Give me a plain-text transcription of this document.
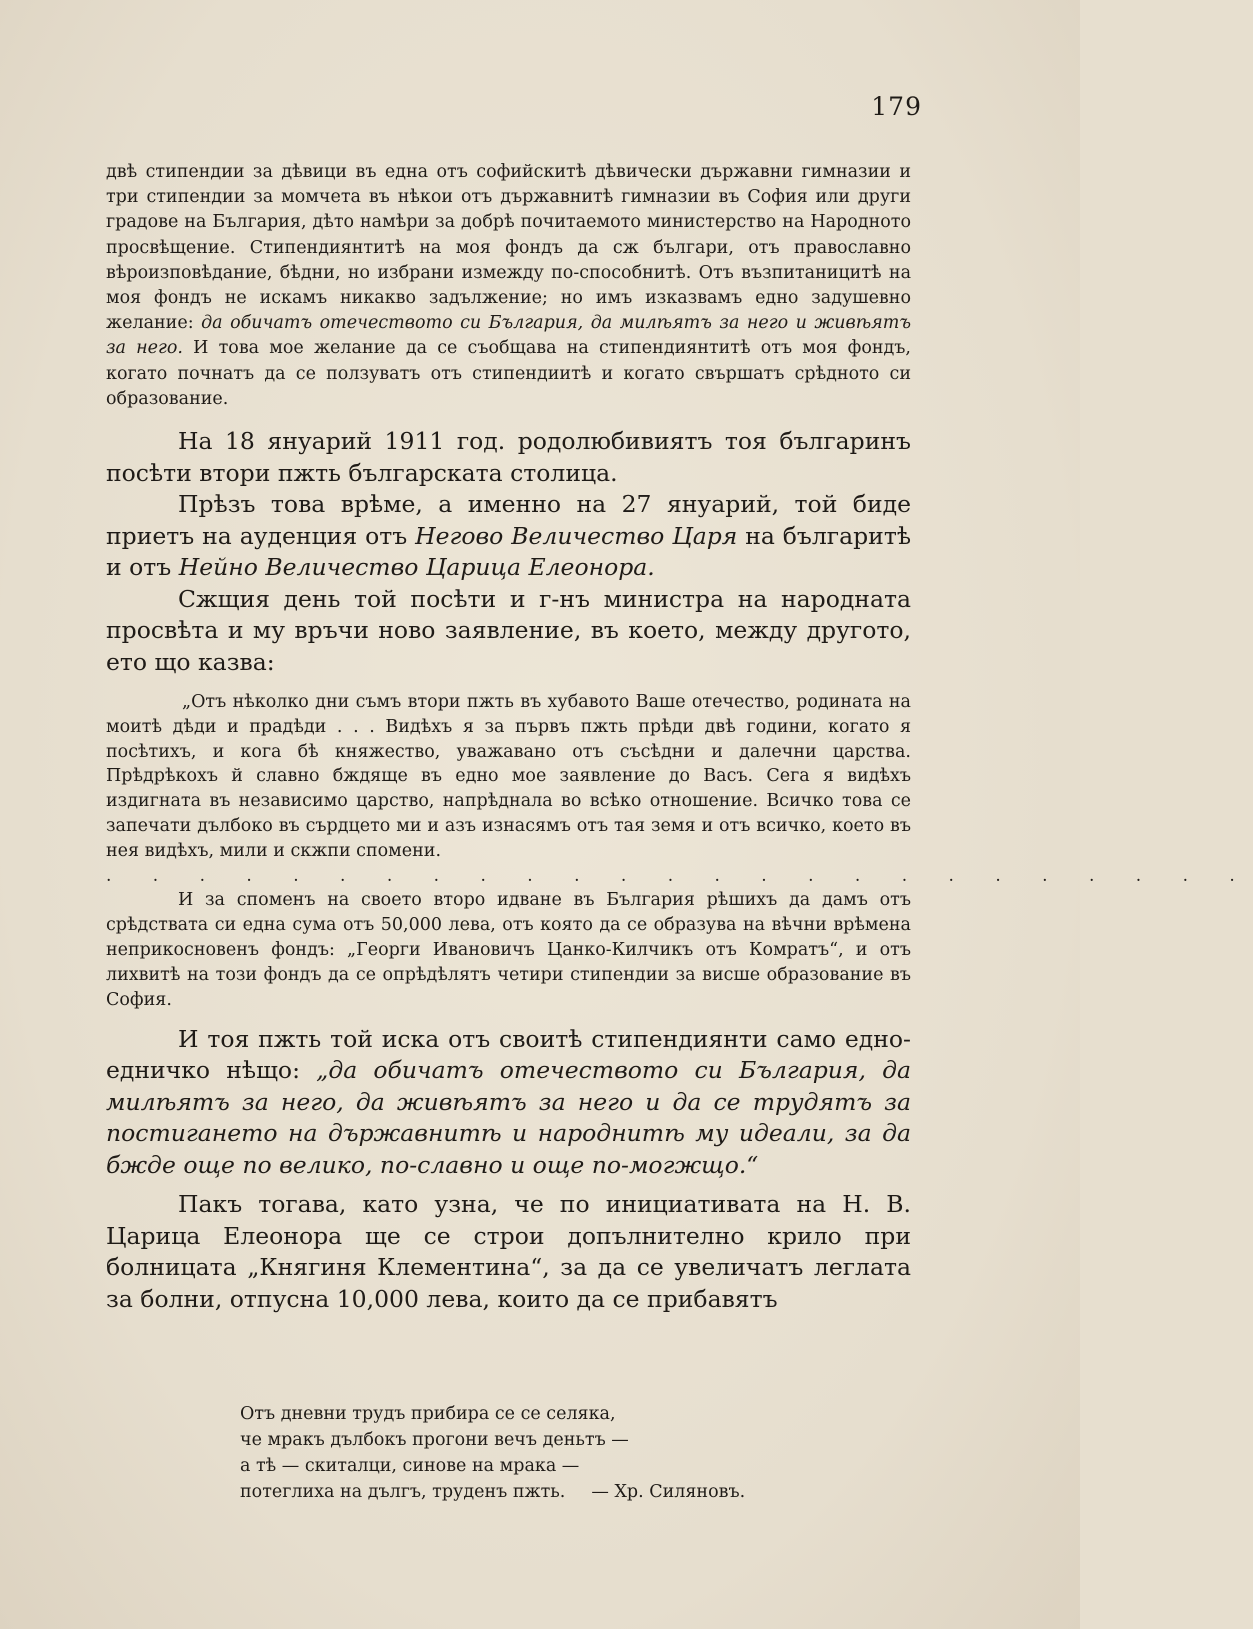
179

двѣ стипендии за дѣвици въ една отъ софийскитѣ дѣвически държавни гимназии и три стипендии за момчета въ нѣкои отъ държавнитѣ гимназии въ София или други градове на България, дѣто намѣри за добрѣ почитаемото министерство на Народното просвѣщение. Стипендиянтитѣ на моя фондъ да сж българи, отъ православно вѣроизповѣдание, бѣдни, но избрани измежду по-способнитѣ. Отъ възпитаницитѣ на моя фондъ не искамъ никакво задължение; но имъ изказвамъ едно задушевно желание: да обичатъ отечеството си България, да милѣятъ за него и живѣятъ за него. И това мое желание да се съобщава на стипендиянтитѣ отъ моя фондъ, когато почнатъ да се ползуватъ отъ стипендиитѣ и когато свършатъ срѣдното си образование.

На 18 януарий 1911 год. родолюбивиятъ тоя българинъ посѣти втори пжть българската столица.

Прѣзъ това врѣме, а именно на 27 януарий, той биде приетъ на ауденция отъ Негово Величество Царя на българитѣ и отъ Нейно Величество Царица Елеонора.

Сжщия день той посѣти и г-нъ министра на народната просвѣта и му връчи ново заявление, въ което, между другото, ето що казва:

„Отъ нѣколко дни съмъ втори пжть въ хубавото Ваше отечество, родината на моитѣ дѣди и прадѣди . . . Видѣхъ я за първъ пжть прѣди двѣ години, когато я посѣтихъ, и кога бѣ княжество, уважавано отъ съсѣдни и далечни царства. Прѣдрѣкохъ й славно бждяще въ едно мое заявление до Васъ. Сега я видѣхъ издигната въ независимо царство, напрѣднала во всѣко отношение. Всичко това се запечати дълбоко въ сърдцето ми и азъ изнасямъ отъ тая земя и отъ всичко, което въ нея видѣхъ, мили и скжпи спомени.

. . . . . . . . . . . . . . . . . . . . . . . . .

И за споменъ на своето второ идване въ България рѣшихъ да дамъ отъ срѣдствата си една сума отъ 50,000 лева, отъ която да се образува на вѣчни врѣмена неприкосновенъ фондъ: „Георги Ивановичъ Цанко-Килчикъ отъ Комратъ“, и отъ лихвитѣ на този фондъ да се опрѣдѣлятъ четири стипендии за висше образование въ София.

И тоя пжть той иска отъ своитѣ стипендиянти само едно-едничко нѣщо: „да обичатъ отечеството си България, да милѣятъ за него, да живѣятъ за него и да се трудятъ за постигането на държавнитѣ и народнитѣ му идеали, за да бжде още по велико, по-славно и още по-могжщо.“

Пакъ тогава, като узна, че по инициативата на Н. В. Царица Елеонора ще се строи допълнително крило при болницата „Княгиня Клементина“, за да се увеличатъ леглата за болни, отпусна 10,000 лева, които да се прибавятъ

Отъ дневни трудъ прибира се се селяка,
че мракъ дълбокъ прогони вечъ деньтъ —
а тѣ — скиталци, синове на мрака —
потеглиха на дългъ, труденъ пжть. — Хр. Силяновъ.
